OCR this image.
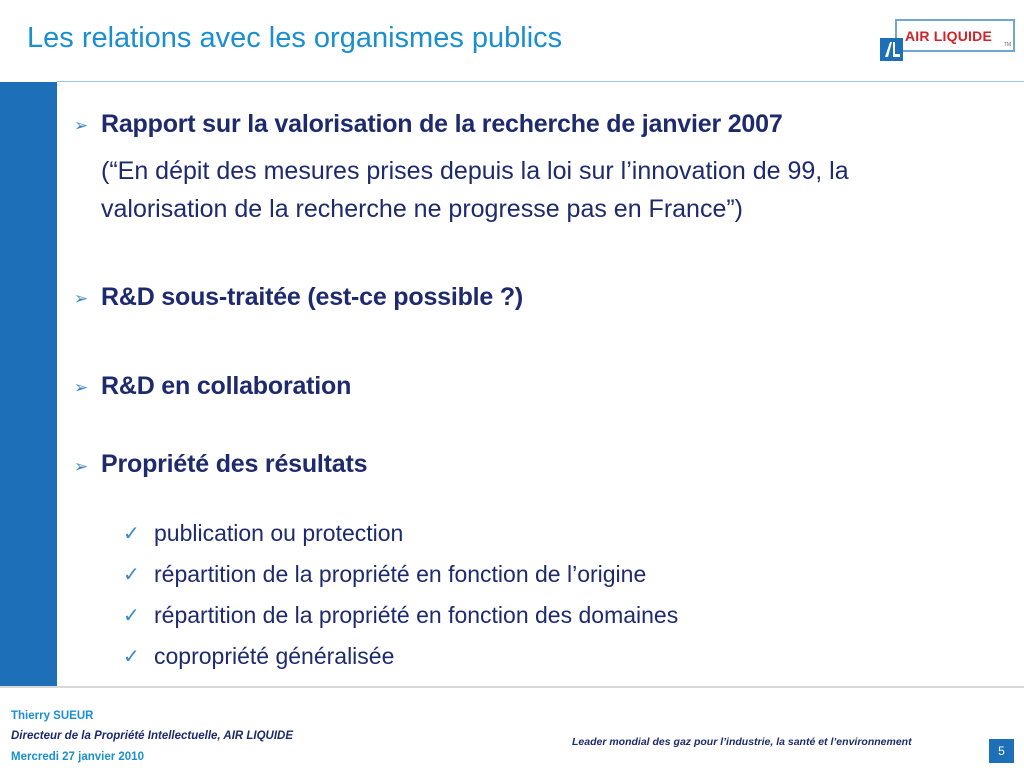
Les relations avec les organismes publics	AIR LIQUIDE
TM
➢ Rapport sur la valorisation de la recherche de janvier 2007
(“En dépit des mesures prises depuis la loi sur l’innovation de 99, la
valorisation de la recherche ne progresse pas en France”)
➢ R&D sous-traitée (est-ce possible ?)
➢ R&D en collaboration
➢ Propriété des résultats
✓ publication ou protection
✓ répartition de la propriété en fonction de l’origine
✓ répartition de la propriété en fonction des domaines
✓ copropriété généralisée
Thierry SUEUR
Directeur de la Propriété Intellectuelle, AIR LIQUIDE
Mercredi 27 janvier 2010
Leader mondial des gaz pour l’industrie, la santé et l’environnement
5
